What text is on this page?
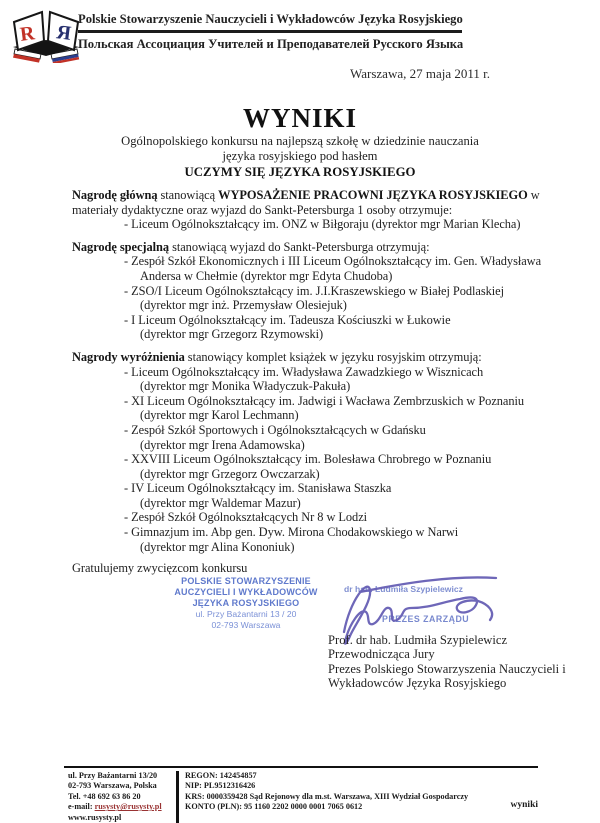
R Я
Polskie Stowarzyszenie Nauczycieli i Wykładowców Języka Rosyjskiego
Польская Ассоциация Учителей и Преподавателей Русского Языка
Warszawa, 27 maja 2011 r.
WYNIKI
Ogólnopolskiego konkursu na najlepszą szkołę w dziedzinie nauczania
języka rosyjskiego pod hasłem
UCZYMY SIĘ JĘZYKA ROSYJSKIEGO

Nagrodę główną stanowiącą WYPOSAŻENIE PRACOWNI JĘZYKA ROSYJSKIEGO w materiały dydaktyczne oraz wyjazd do Sankt-Petersburga 1 osoby otrzymuje:

- Liceum Ogólnokształcący im. ONZ w Biłgoraju (dyrektor mgr Marian Klecha)

Nagrodę specjalną stanowiącą wyjazd do Sankt-Petersburga otrzymują:

- Zespół Szkół Ekonomicznych i III Liceum Ogólnokształcący im. Gen. Władysława
Andersa w Chełmie (dyrektor mgr Edyta Chudoba)
- ZSO/I Liceum Ogólnokształcący im. J.I.Kraszewskiego w Białej Podlaskiej
(dyrektor mgr inż. Przemysław Olesiejuk)
- I Liceum Ogólnokształcący im. Tadeusza Kościuszki w Łukowie
(dyrektor mgr Grzegorz Rzymowski)

Nagrody wyróżnienia stanowiący komplet książek w języku rosyjskim otrzymują:

- Liceum Ogólnokształcący im. Władysława Zawadzkiego w Wisznicach
(dyrektor mgr Monika Władyczuk-Pakuła)
- XI Liceum Ogólnokształcący im. Jadwigi i Wacława Zembrzuskich w Poznaniu
(dyrektor mgr Karol Lechmann)
- Zespół Szkół Sportowych i Ogólnokształcących w Gdańsku
(dyrektor mgr Irena Adamowska)
- XXVIII Liceum Ogólnokształcący im. Bolesława Chrobrego w Poznaniu
(dyrektor mgr Grzegorz Owczarzak)
- IV Liceum Ogólnokształcący im. Stanisława Staszka
(dyrektor mgr Waldemar Mazur)
- Zespół Szkół Ogólnokształcących Nr 8 w Lodzi
- Gimnazjum im. Abp gen. Dyw. Mirona Chodakowskiego w Narwi
(dyrektor mgr Alina Kononiuk)
Gratulujemy zwycięzcom konkursu
POLSKIE STOWARZYSZENIE
AUCZYCIELI I WYKŁADOWCÓW
JĘZYKA ROSYJSKIEGO
ul. Przy Bażantarni 13 / 20
02-793 Warszawa
dr hab. Ludmiła Szypielewicz
PREZES ZARZĄDU
Prof. dr hab. Ludmiła Szypielewicz
Przewodnicząca Jury
Prezes Polskiego Stowarzyszenia Nauczycieli i
Wykładowców Języka Rosyjskiego
ul. Przy Bażantarni 13/20
02-793 Warszawa, Polska
Tel. +48 692 63 86 20
e-mail: rusysty@rusysty.pl
www.rusysty.pl
REGON: 142454857
NIP: PL9512316426
KRS: 0000359428 Sąd Rejonowy dla m.st. Warszawa, XIII Wydział Gospodarczy
KONTO (PLN): 95 1160 2202 0000 0001 7065 0612	wyniki
